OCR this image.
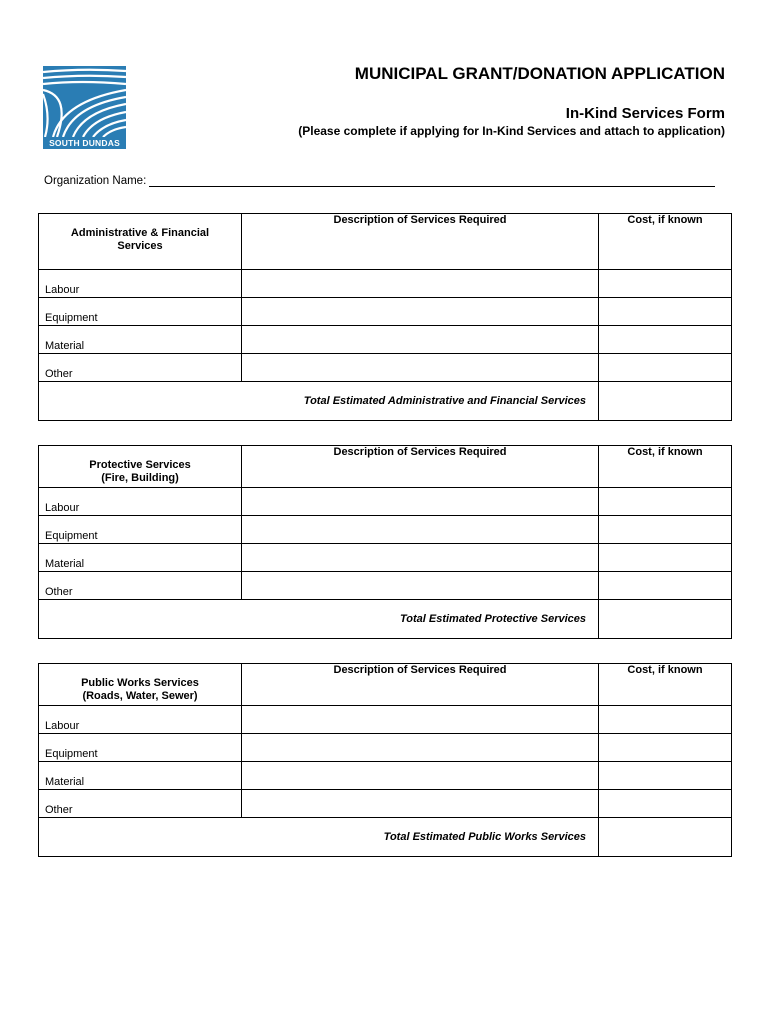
SOUTH DUNDAS
MUNICIPAL GRANT/DONATION APPLICATION
In-Kind Services Form
(Please complete if applying for In-Kind Services and attach to application)
Organization Name:
Administrative & Financial
Services	Description of Services Required	Cost, if known
Labour		
Equipment		
Material		
Other		
Total Estimated Administrative and Financial Services		
Protective Services
(Fire, Building)	Description of Services Required	Cost, if known
Labour		
Equipment		
Material		
Other		
Total Estimated Protective Services		
Public Works Services
(Roads, Water, Sewer)	Description of Services Required	Cost, if known
Labour		
Equipment		
Material		
Other		
Total Estimated Public Works Services		
